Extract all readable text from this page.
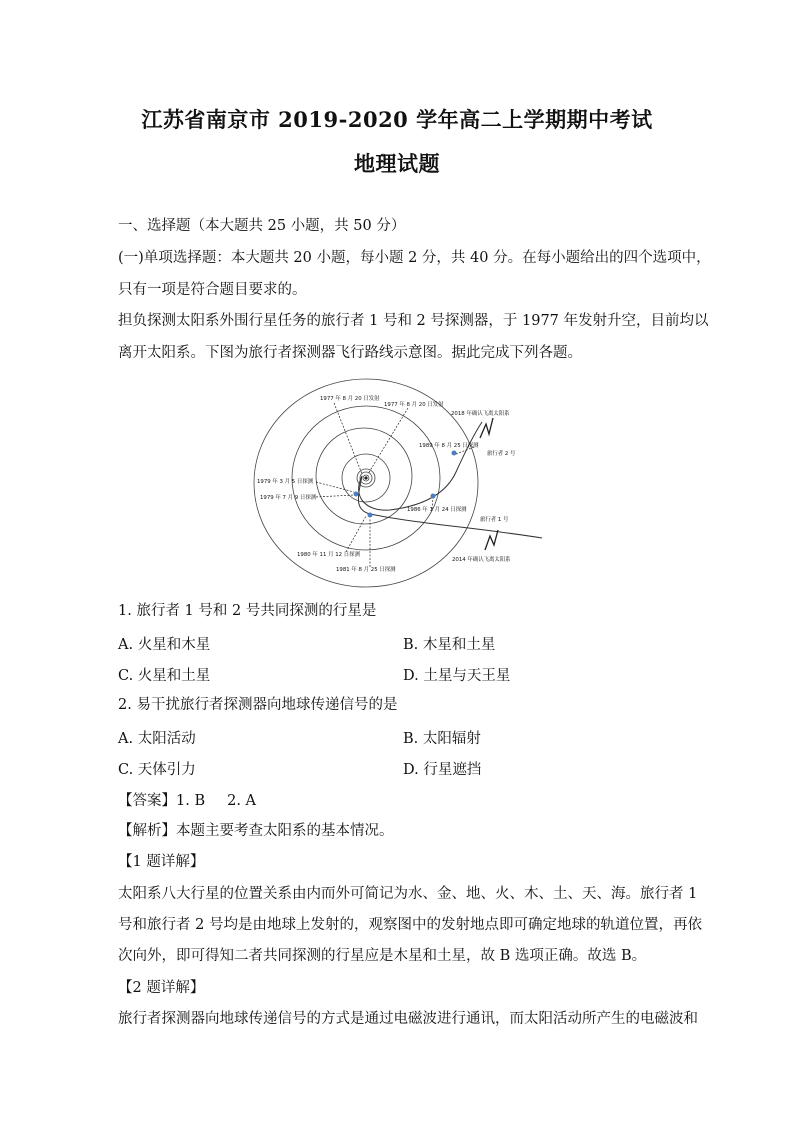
江苏省南京市 2019-2020 学年高二上学期期中考试
地理试题
一、选择题（本大题共 25 小题，共 50 分）
(一)单项选择题：本大题共 20 小题，每小题 2 分，共 40 分。在每小题给出的四个选项中，
只有一项是符合题目要求的。
担负探测太阳系外围行星任务的旅行者 1 号和 2 号探测器，于 1977 年发射升空，目前均以
离开太阳系。下图为旅行者探测器飞行路线示意图。据此完成下列各题。
1977 年 8 月 20 日发射
1977 年 8 月 20 日发射
2018 年确认飞离太阳系
1989 年 8 月 25 日探测
旅行者 2 号
1979 年 3 月 5 日探测
1979 年 7 月 9 日探测
1986 年 1 月 24 日探测
旅行者 1 号
1980 年 11 月 12 日探测
1981 年 8 月 25 日探测
2014 年确认飞离太阳系
1. 旅行者 1 号和 2 号共同探测的行星是
A. 火星和木星	B. 木星和土星
C. 火星和土星	D. 土星与天王星
2. 易干扰旅行者探测器向地球传递信号的是
A. 太阳活动	B. 太阳辐射
C. 天体引力	D. 行星遮挡
【答案】1. B 2. A
【解析】本题主要考查太阳系的基本情况。
【1 题详解】
太阳系八大行星的位置关系由内而外可简记为水、金、地、火、木、土、天、海。旅行者 1
号和旅行者 2 号均是由地球上发射的，观察图中的发射地点即可确定地球的轨道位置，再依
次向外，即可得知二者共同探测的行星应是木星和土星，故 B 选项正确。故选 B。
【2 题详解】
旅行者探测器向地球传递信号的方式是通过电磁波进行通讯，而太阳活动所产生的电磁波和
